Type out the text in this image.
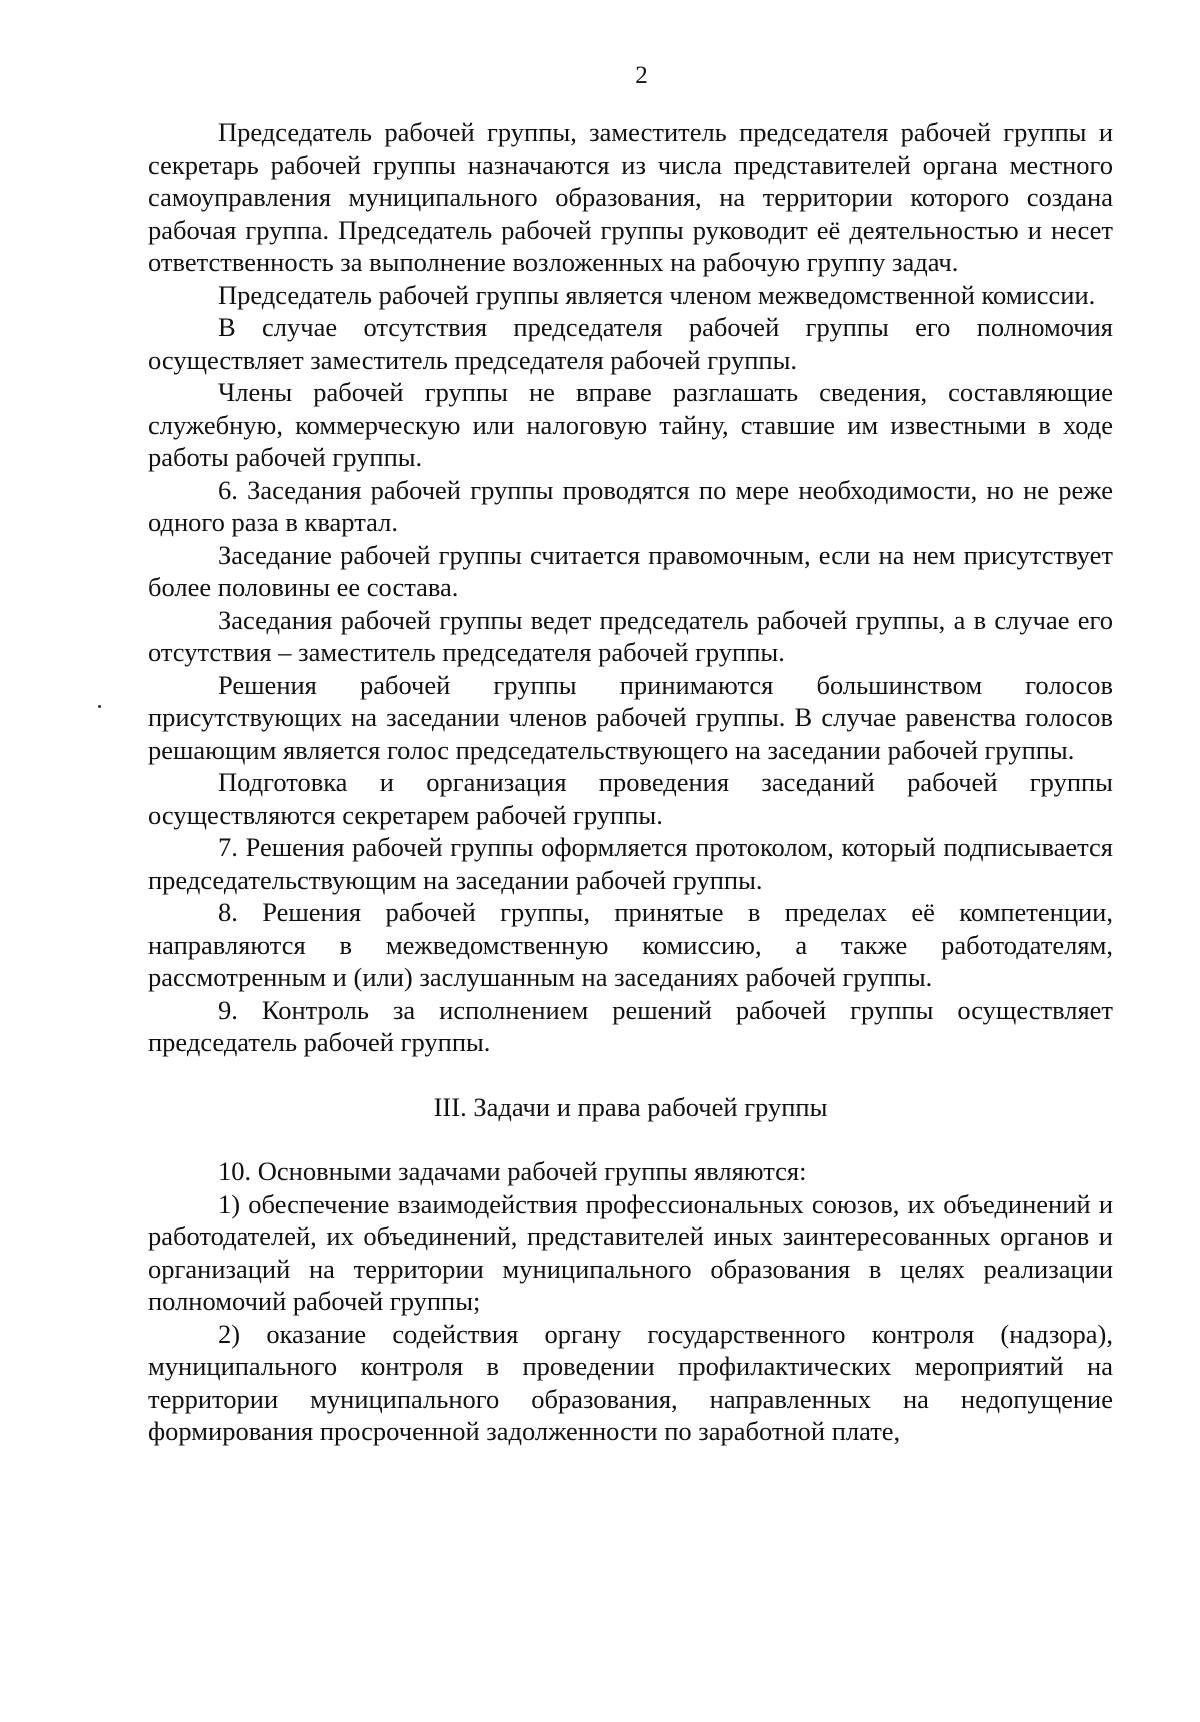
2

Председатель рабочей группы, заместитель председателя рабочей группы и секретарь рабочей группы назначаются из числа представителей органа местного самоуправления муниципального образования, на территории которого создана рабочая группа. Председатель рабочей группы руководит её деятельностью и несет ответственность за выполнение возложенных на рабочую группу задач.

Председатель рабочей группы является членом межведомственной комиссии.

В случае отсутствия председателя рабочей группы его полномочия осуществляет заместитель председателя рабочей группы.

Члены рабочей группы не вправе разглашать сведения, составляющие служебную, коммерческую или налоговую тайну, ставшие им известными в ходе работы рабочей группы.

6. Заседания рабочей группы проводятся по мере необходимости, но не реже одного раза в квартал.

Заседание рабочей группы считается правомочным, если на нем присутствует более половины ее состава.

Заседания рабочей группы ведет председатель рабочей группы, а в случае его отсутствия – заместитель председателя рабочей группы.

Решения рабочей группы принимаются большинством голосов присутствующих на заседании членов рабочей группы. В случае равенства голосов решающим является голос председательствующего на заседании рабочей группы.

Подготовка и организация проведения заседаний рабочей группы осуществляются секретарем рабочей группы.

7. Решения рабочей группы оформляется протоколом, который подписывается председательствующим на заседании рабочей группы.

8. Решения рабочей группы, принятые в пределах её компетенции, направляются в межведомственную комиссию, а также работодателям, рассмотренным и (или) заслушанным на заседаниях рабочей группы.

9. Контроль за исполнением решений рабочей группы осуществляет председатель рабочей группы.

III. Задачи и права рабочей группы

10. Основными задачами рабочей группы являются:

1) обеспечение взаимодействия профессиональных союзов, их объединений и работодателей, их объединений, представителей иных заинтересованных органов и организаций на территории муниципального образования в целях реализации полномочий рабочей группы;

2) оказание содействия органу государственного контроля (надзора), муниципального контроля в проведении профилактических мероприятий на территории муниципального образования, направленных на недопущение формирования просроченной задолженности по заработной плате,
